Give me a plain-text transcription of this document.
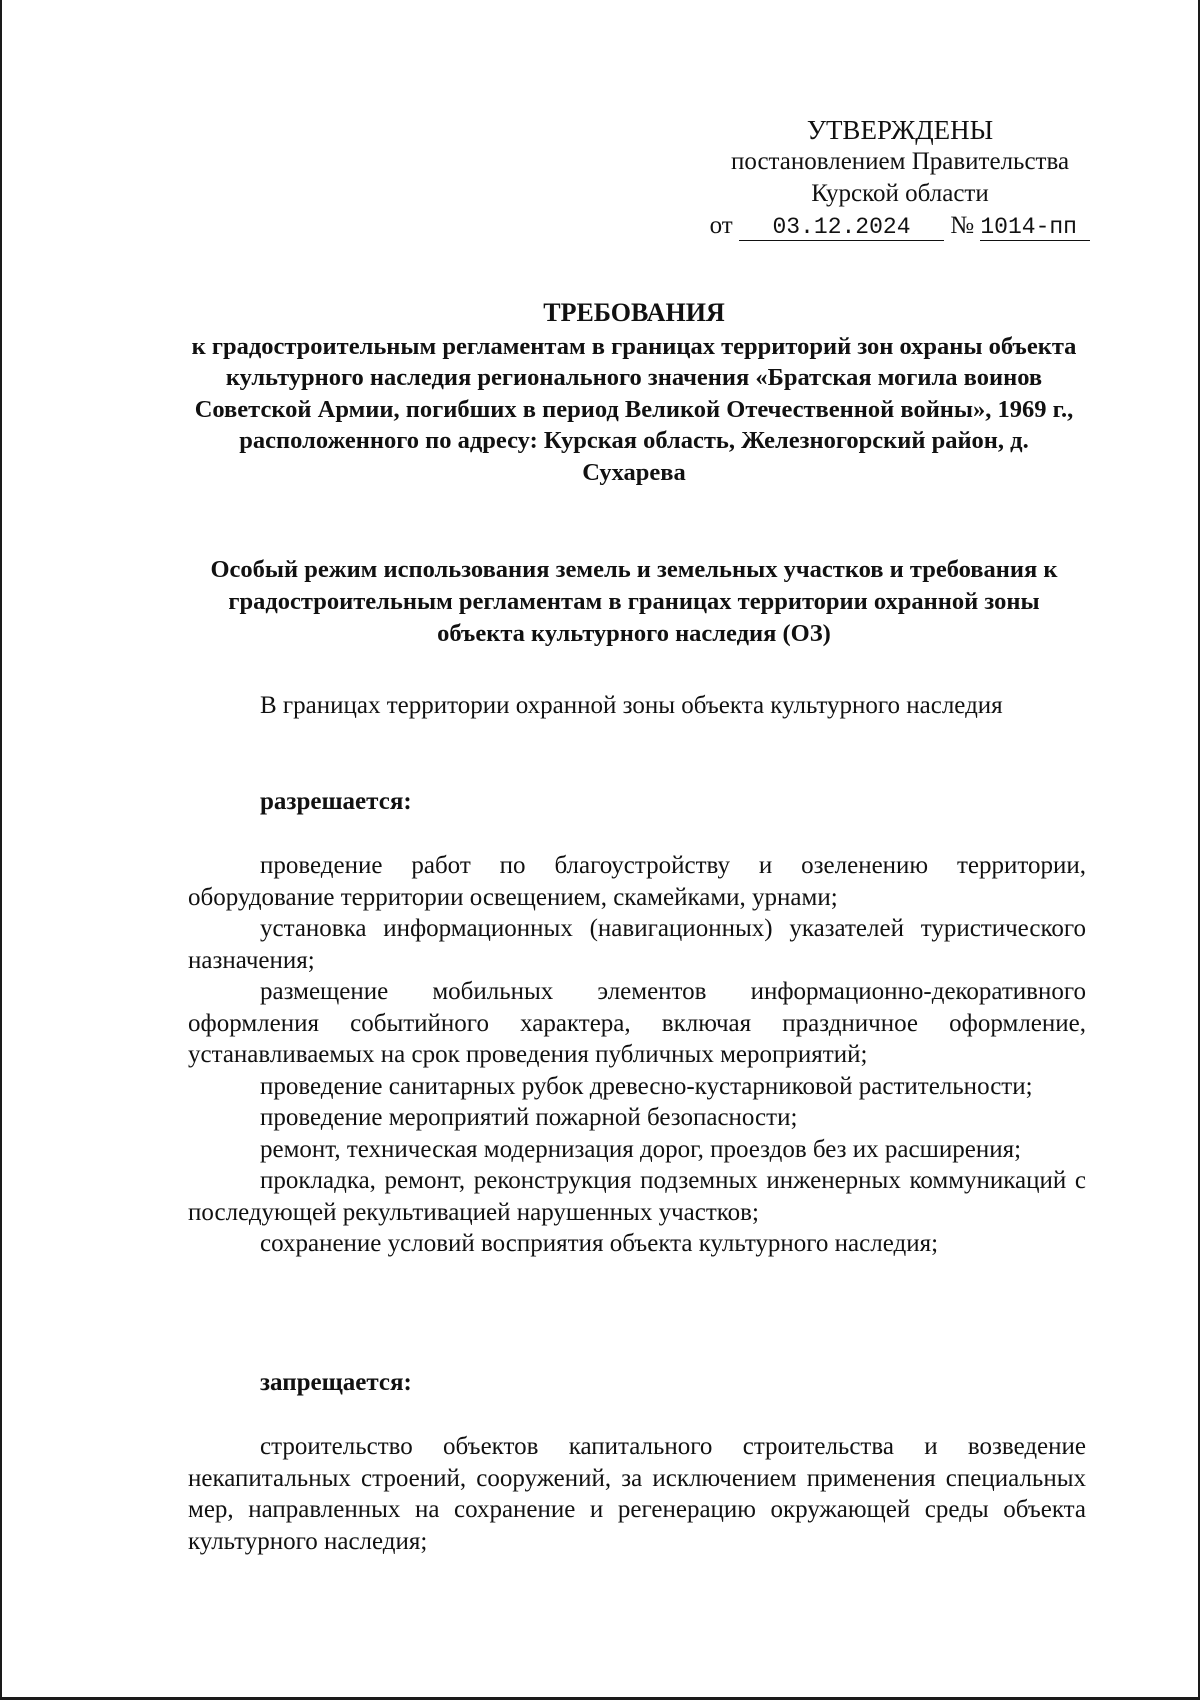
УТВЕРЖДЕНЫ
постановлением Правительства
Курской области
от 03.12.2024 № 1014-пп
ТРЕБОВАНИЯ
к градостроительным регламентам в границах территорий зон охраны объекта культурного наследия регионального значения «Братская могила воинов Советской Армии, погибших в период Великой Отечественной войны», 1969 г., расположенного по адресу: Курская область, Железногорский район, д. Сухарева
Особый режим использования земель и земельных участков и требования к градостроительным регламентам в границах территории охранной зоны объекта культурного наследия (ОЗ)

В границах территории охранной зоны объекта культурного наследия

разрешается:

проведение работ по благоустройству и озеленению территории, оборудование территории освещением, скамейками, урнами;

установка информационных (навигационных) указателей туристического назначения;

размещение мобильных элементов информационно-декоративного оформления событийного характера, включая праздничное оформление, устанавливаемых на срок проведения публичных мероприятий;

проведение санитарных рубок древесно-кустарниковой растительности;

проведение мероприятий пожарной безопасности;

ремонт, техническая модернизация дорог, проездов без их расширения;

прокладка, ремонт, реконструкция подземных инженерных коммуникаций с последующей рекультивацией нарушенных участков;

сохранение условий восприятия объекта культурного наследия;

запрещается:

строительство объектов капитального строительства и возведение некапитальных строений, сооружений, за исключением применения специальных мер, направленных на сохранение и регенерацию окружающей среды объекта культурного наследия;
